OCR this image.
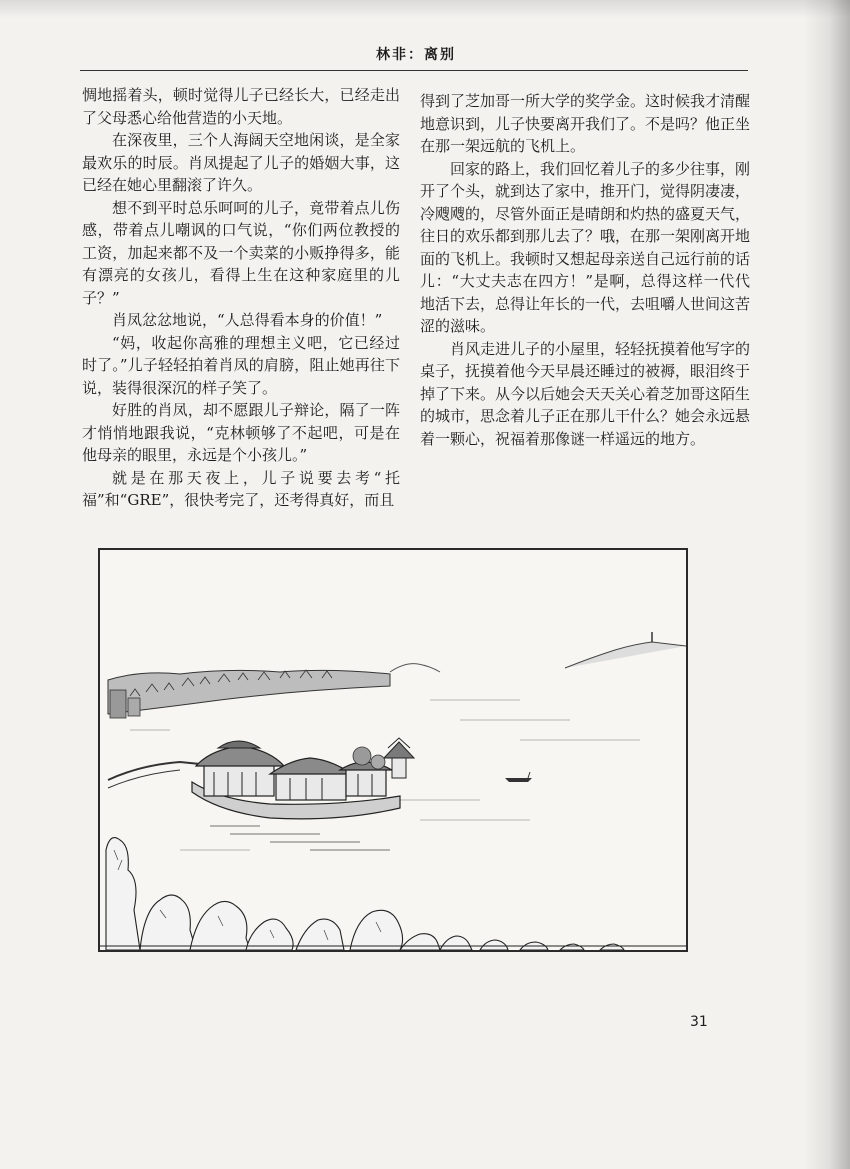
林非：离别

惆地摇着头，顿时觉得儿子已经长大，已经走出了父母悉心给他营造的小天地。

在深夜里，三个人海阔天空地闲谈，是全家最欢乐的时辰。肖凤提起了儿子的婚姻大事，这已经在她心里翻滚了许久。

想不到平时总乐呵呵的儿子，竟带着点儿伤感，带着点儿嘲讽的口气说，“你们两位教授的工资，加起来都不及一个卖菜的小贩挣得多，能有漂亮的女孩儿，看得上生在这种家庭里的儿子？”

肖凤忿忿地说，“人总得看本身的价值！”

“妈，收起你高雅的理想主义吧，它已经过时了。”儿子轻轻拍着肖凤的肩膀，阻止她再往下说，装得很深沉的样子笑了。

好胜的肖凤，却不愿跟儿子辩论，隔了一阵才悄悄地跟我说，“克林顿够了不起吧，可是在他母亲的眼里，永远是个小孩儿。”

就是在那天夜上，儿子说要去考“托福”和“GRE”，很快考完了，还考得真好，而且

得到了芝加哥一所大学的奖学金。这时候我才清醒地意识到，儿子快要离开我们了。不是吗？他正坐在那一架远航的飞机上。

回家的路上，我们回忆着儿子的多少往事，刚开了个头，就到达了家中，推开门，觉得阴凄凄，冷飕飕的，尽管外面正是晴朗和灼热的盛夏天气，往日的欢乐都到那儿去了？哦，在那一架刚离开地面的飞机上。我顿时又想起母亲送自己远行前的话儿：“大丈夫志在四方！”是啊，总得这样一代代地活下去，总得让年长的一代，去咀嚼人世间这苦涩的滋味。

肖风走进儿子的小屋里，轻轻抚摸着他写字的桌子，抚摸着他今天早晨还睡过的被褥，眼泪终于掉了下来。从今以后她会天天关心着芝加哥这陌生的城市，思念着儿子正在那儿干什么？她会永远悬着一颗心，祝福着那像谜一样遥远的地方。

31
